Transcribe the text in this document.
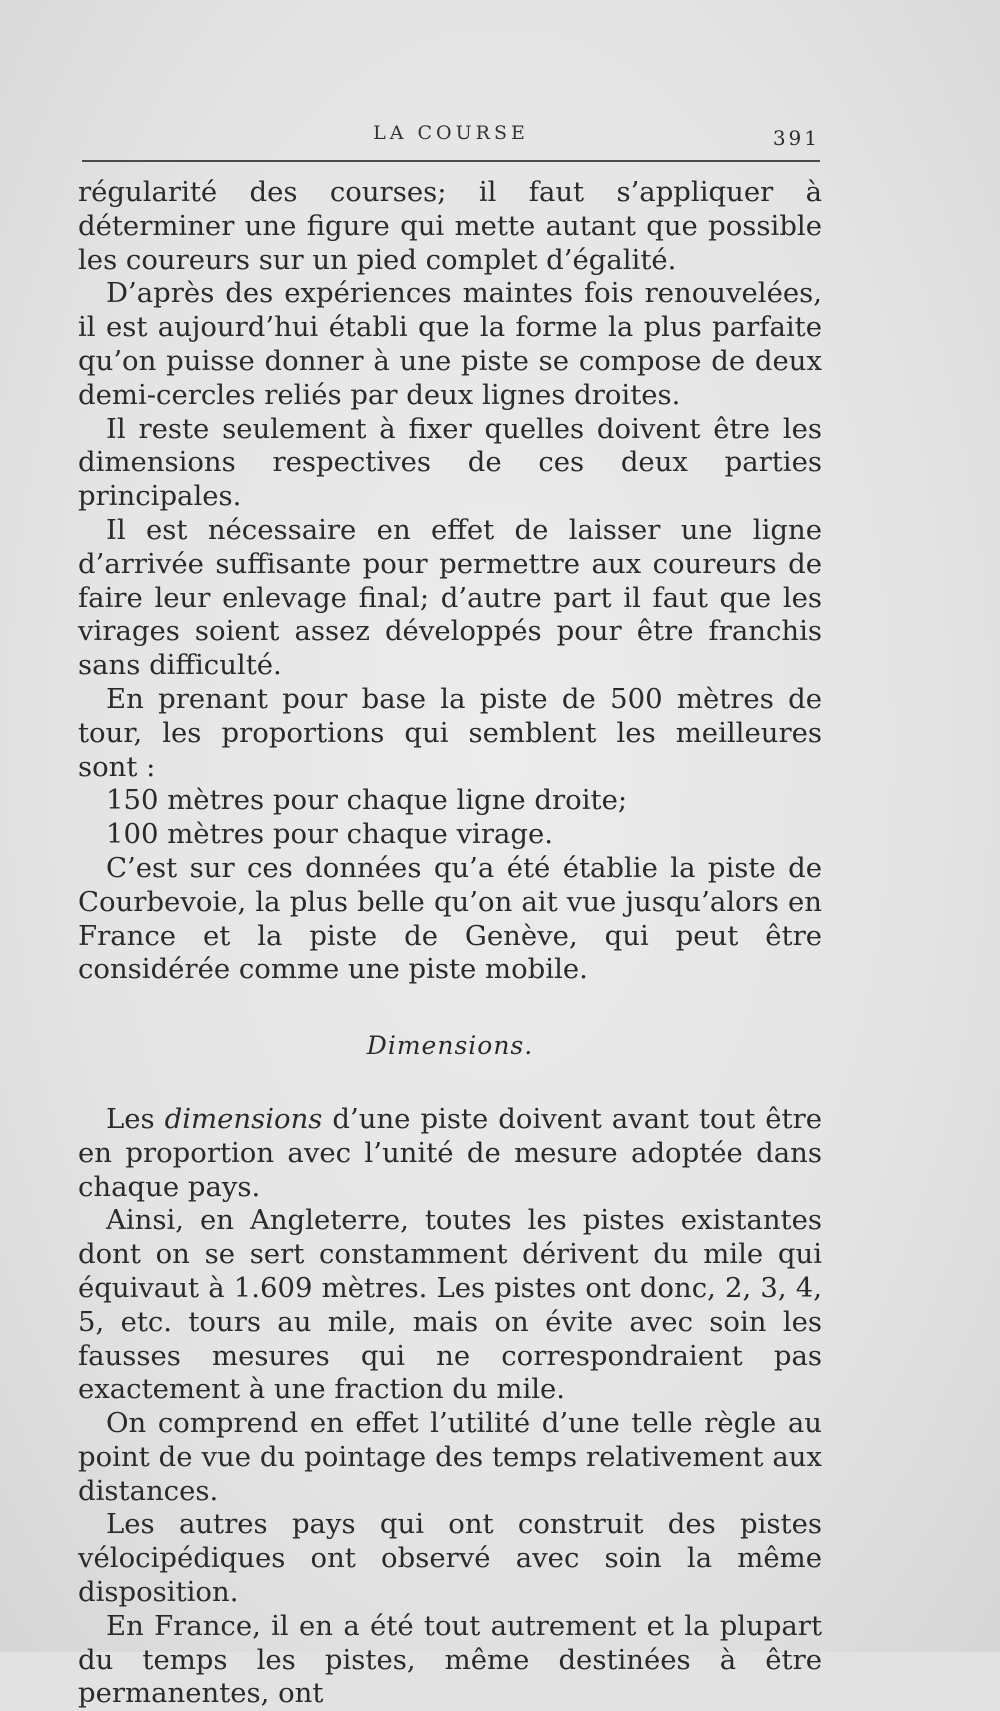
LA COURSE	391

régularité des courses; il faut s’appliquer à déterminer une figure qui mette autant que possible les coureurs sur un pied complet d’égalité.

D’après des expériences maintes fois renouvelées, il est aujourd’hui établi que la forme la plus parfaite qu’on puisse donner à une piste se compose de deux demi-cercles reliés par deux lignes droites.

Il reste seulement à fixer quelles doivent être les dimensions respectives de ces deux parties principales.

Il est nécessaire en effet de laisser une ligne d’arrivée suffisante pour permettre aux coureurs de faire leur enlevage final; d’autre part il faut que les virages soient assez développés pour être franchis sans difficulté.

En prenant pour base la piste de 500 mètres de tour, les proportions qui semblent les meilleures sont :

150 mètres pour chaque ligne droite;

100 mètres pour chaque virage.

C’est sur ces données qu’a été établie la piste de Courbevoie, la plus belle qu’on ait vue jusqu’alors en France et la piste de Genève, qui peut être considérée comme une piste mobile.

Dimensions.

Les dimensions d’une piste doivent avant tout être en proportion avec l’unité de mesure adoptée dans chaque pays.

Ainsi, en Angleterre, toutes les pistes existantes dont on se sert constamment dérivent du mile qui équivaut à 1.609 mètres. Les pistes ont donc, 2, 3, 4, 5, etc. tours au mile, mais on évite avec soin les fausses mesures qui ne correspondraient pas exactement à une fraction du mile.

On comprend en effet l’utilité d’une telle règle au point de vue du pointage des temps relativement aux distances.

Les autres pays qui ont construit des pistes vélocipédiques ont observé avec soin la même disposition.

En France, il en a été tout autrement et la plupart du temps les pistes, même destinées à être permanentes, ont
